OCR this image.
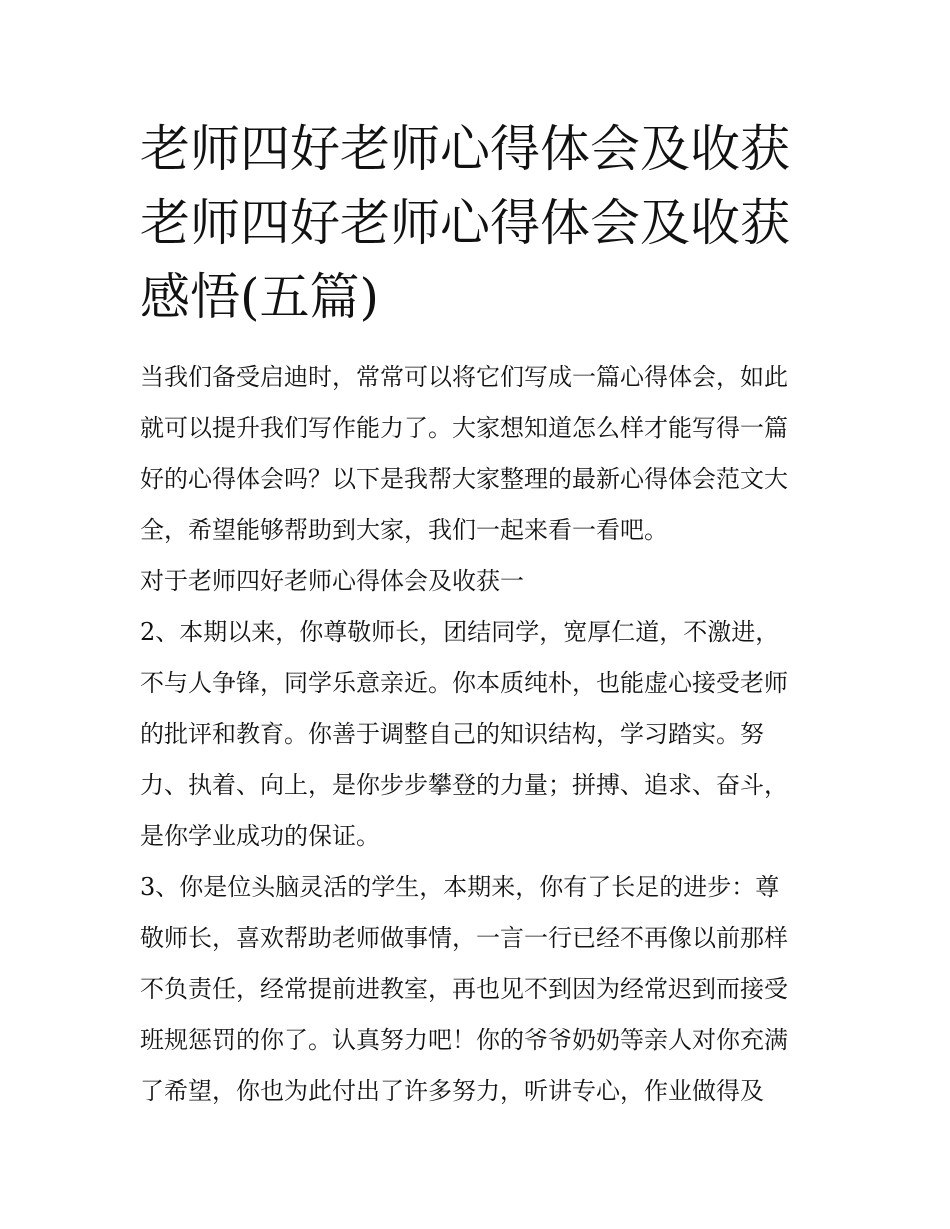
老师四好老师心得体会及收获
老师四好老师心得体会及收获
感悟(五篇)

当我们备受启迪时，常常可以将它们写成一篇心得体会，如此
就可以提升我们写作能力了。大家想知道怎么样才能写得一篇
好的心得体会吗？以下是我帮大家整理的最新心得体会范文大
全，希望能够帮助到大家，我们一起来看一看吧。

对于老师四好老师心得体会及收获一

2、本期以来，你尊敬师长，团结同学，宽厚仁道，不激进，
不与人争锋，同学乐意亲近。你本质纯朴，也能虚心接受老师
的批评和教育。你善于调整自己的知识结构，学习踏实。努
力、执着、向上，是你步步攀登的力量；拼搏、追求、奋斗，
是你学业成功的保证。

3、你是位头脑灵活的学生，本期来，你有了长足的进步：尊
敬师长，喜欢帮助老师做事情，一言一行已经不再像以前那样
不负责任，经常提前进教室，再也见不到因为经常迟到而接受
班规惩罚的你了。认真努力吧！你的爷爷奶奶等亲人对你充满
了希望，你也为此付出了许多努力，听讲专心，作业做得及
